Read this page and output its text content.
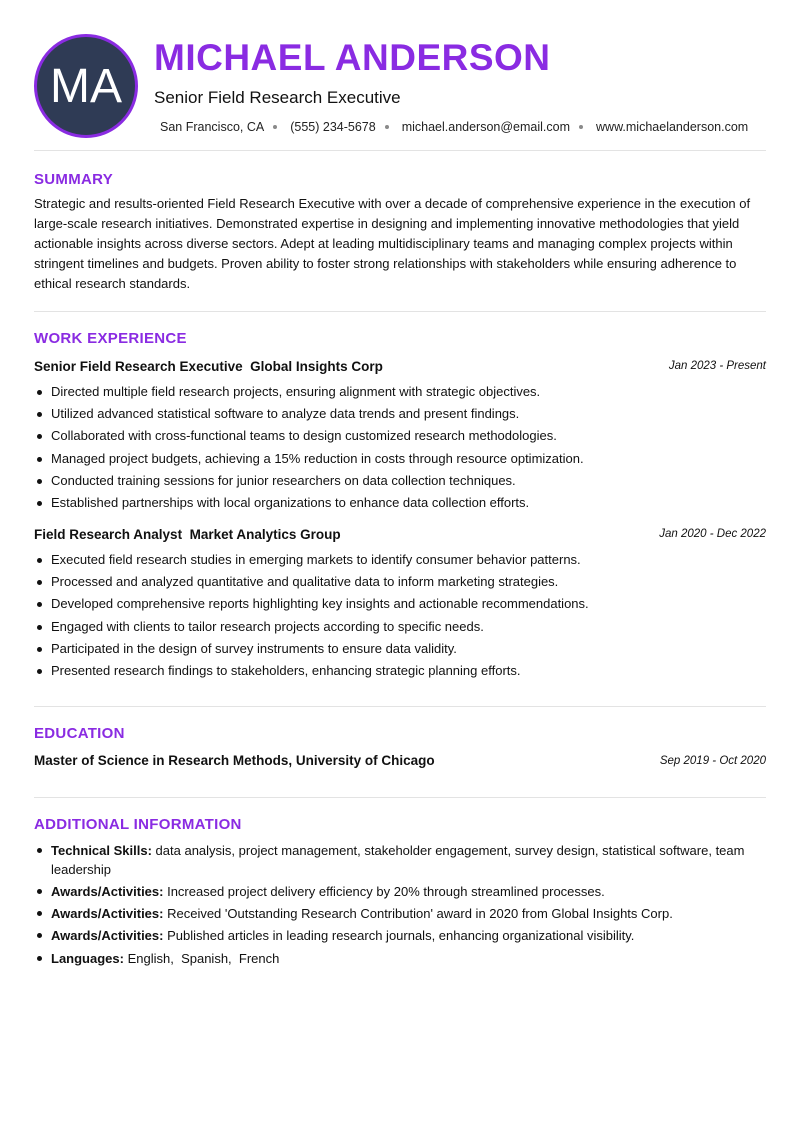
MA
MICHAEL ANDERSON
Senior Field Research Executive
San Francisco, CA (555) 234-5678 michael.anderson@email.com www.michaelanderson.com
SUMMARY

Strategic and results-oriented Field Research Executive with over a decade of comprehensive experience in the execution of large-scale research initiatives. Demonstrated expertise in designing and implementing innovative methodologies that yield actionable insights across diverse sectors. Adept at leading multidisciplinary teams and managing complex projects within stringent timelines and budgets. Proven ability to foster strong relationships with stakeholders while ensuring adherence to ethical research standards.

WORK EXPERIENCE
Senior Field Research Executive Global Insights Corp	Jan 2023 - Present
Directed multiple field research projects, ensuring alignment with strategic objectives.
Utilized advanced statistical software to analyze data trends and present findings.
Collaborated with cross-functional teams to design customized research methodologies.
Managed project budgets, achieving a 15% reduction in costs through resource optimization.
Conducted training sessions for junior researchers on data collection techniques.
Established partnerships with local organizations to enhance data collection efforts.
Field Research Analyst Market Analytics Group	Jan 2020 - Dec 2022
Executed field research studies in emerging markets to identify consumer behavior patterns.
Processed and analyzed quantitative and qualitative data to inform marketing strategies.
Developed comprehensive reports highlighting key insights and actionable recommendations.
Engaged with clients to tailor research projects according to specific needs.
Participated in the design of survey instruments to ensure data validity.
Presented research findings to stakeholders, enhancing strategic planning efforts.
EDUCATION
Master of Science in Research Methods, University of Chicago	Sep 2019 - Oct 2020
ADDITIONAL INFORMATION
Technical Skills: data analysis, project management, stakeholder engagement, survey design, statistical software, team leadership
Awards/Activities: Increased project delivery efficiency by 20% through streamlined processes.
Awards/Activities: Received 'Outstanding Research Contribution' award in 2020 from Global Insights Corp.
Awards/Activities: Published articles in leading research journals, enhancing organizational visibility.
Languages: English,  Spanish,  French
